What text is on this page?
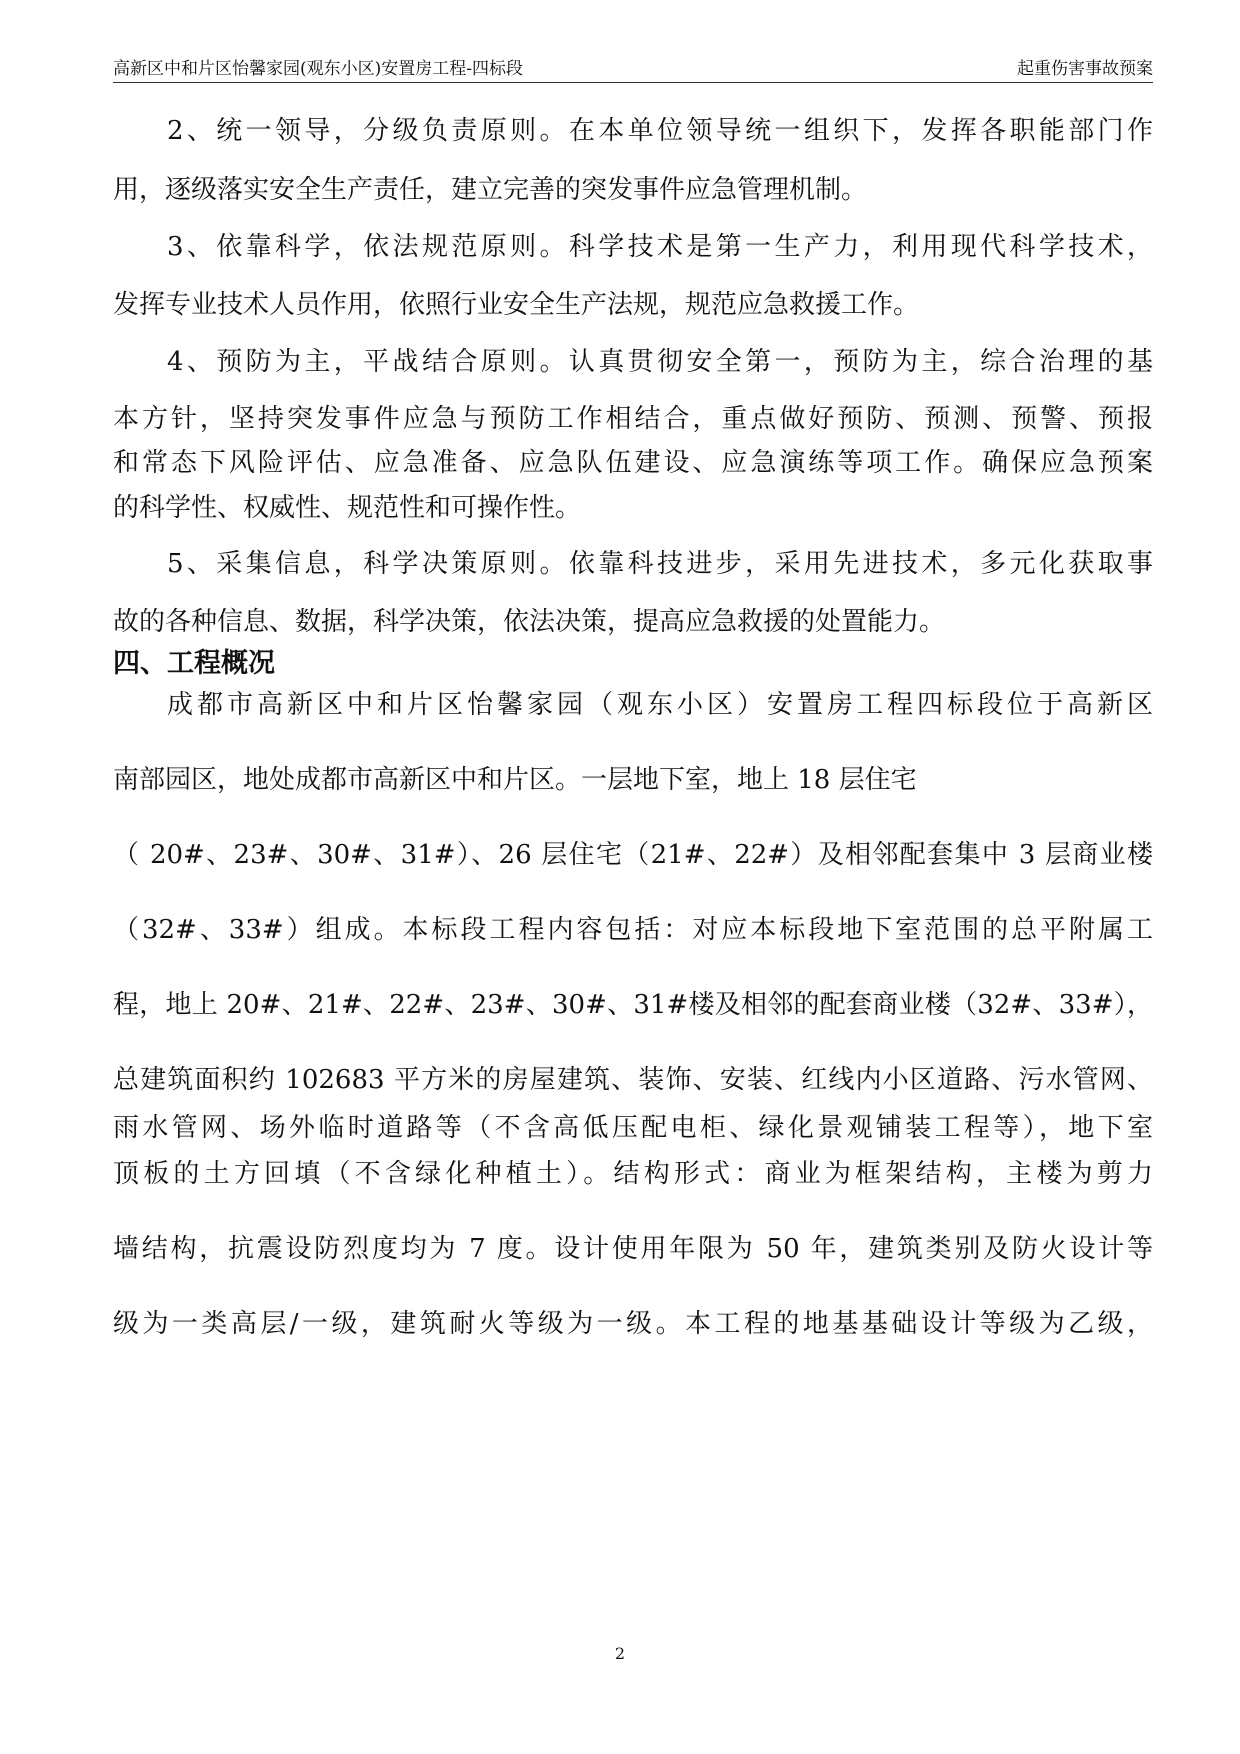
高新区中和片区怡馨家园(观东小区)安置房工程-四标段	起重伤害事故预案
2、统一领导，分级负责原则。在本单位领导统一组织下，发挥各职能部门作
用，逐级落实安全生产责任，建立完善的突发事件应急管理机制。
3、依靠科学，依法规范原则。科学技术是第一生产力，利用现代科学技术，
发挥专业技术人员作用，依照行业安全生产法规，规范应急救援工作。
4、预防为主，平战结合原则。认真贯彻安全第一，预防为主，综合治理的基
本方针，坚持突发事件应急与预防工作相结合，重点做好预防、预测、预警、预报
和常态下风险评估、应急准备、应急队伍建设、应急演练等项工作。确保应急预案
的科学性、权威性、规范性和可操作性。
5、采集信息，科学决策原则。依靠科技进步，采用先进技术，多元化获取事
故的各种信息、数据，科学决策，依法决策，提高应急救援的处置能力。
四、工程概况
成都市高新区中和片区怡馨家园（观东小区）安置房工程四标段位于高新区
南部园区，地处成都市高新区中和片区。一层地下室，地上 18 层住宅
（ 20#、23#、30#、31#）、26 层住宅（21#、22#）及相邻配套集中 3 层商业楼
（32#、33#）组成。本标段工程内容包括：对应本标段地下室范围的总平附属工
程，地上 20#、21#、22#、23#、30#、31#楼及相邻的配套商业楼（32#、33#），
总建筑面积约 102683 平方米的房屋建筑、装饰、安装、红线内小区道路、污水管网、
雨水管网、场外临时道路等（不含高低压配电柜、绿化景观铺装工程等），地下室
顶板的土方回填（不含绿化种植土）。结构形式：商业为框架结构，主楼为剪力
墙结构，抗震设防烈度均为 7 度。设计使用年限为 50 年，建筑类别及防火设计等
级为一类高层/一级，建筑耐火等级为一级。本工程的地基基础设计等级为乙级，
2
